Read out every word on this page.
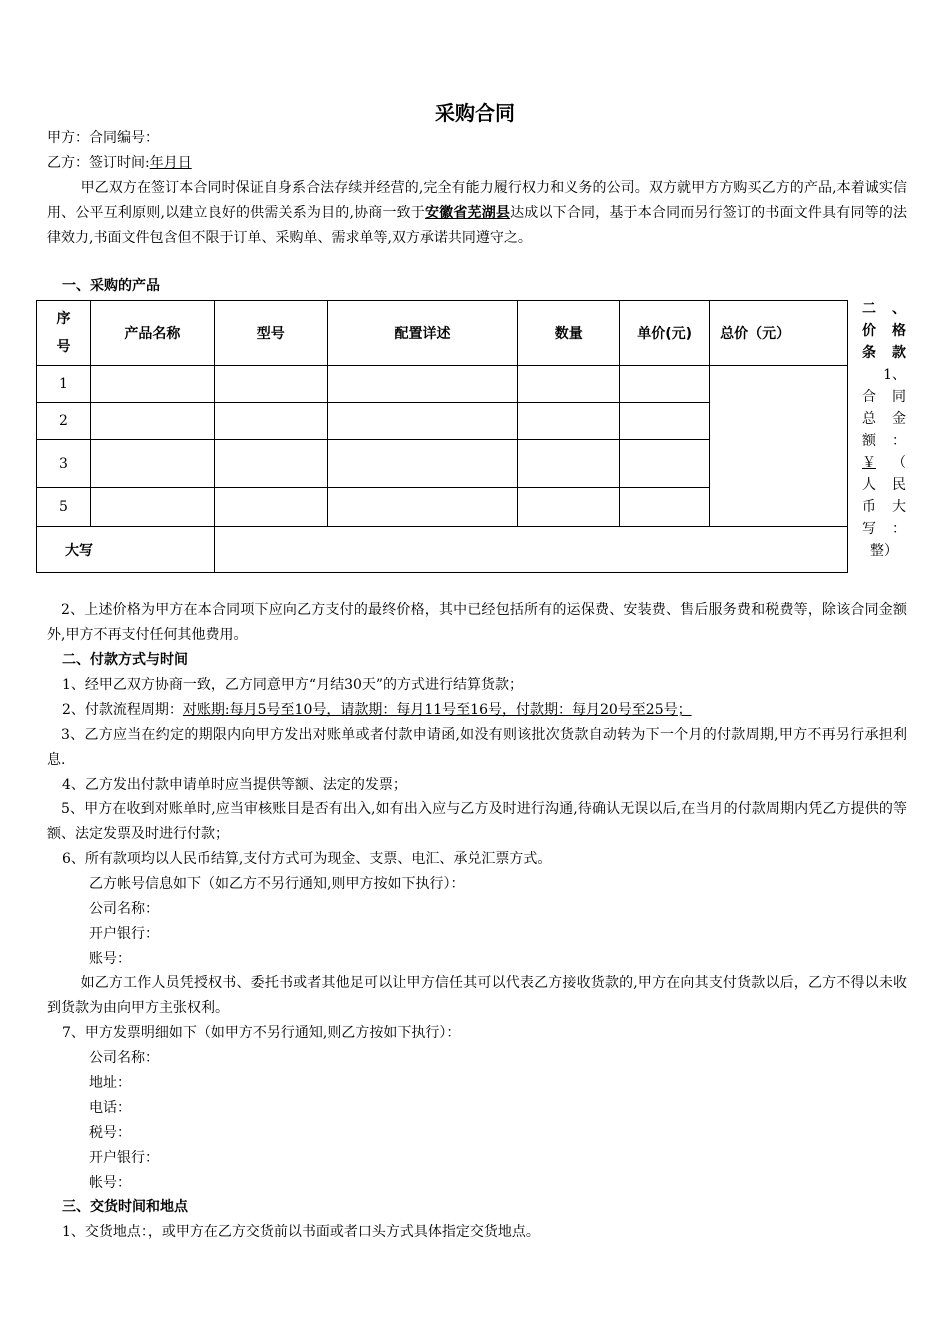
采购合同
甲方：合同编号：
乙方：签订时间:年月日
甲乙双方在签订本合同时保证自身系合法存续并经营的,完全有能力履行权力和义务的公司。双方就甲方方购买乙方的产品,本着诚实信用、公平互利原则,以建立良好的供需关系为目的,协商一致于安徽省芜湖县达成以下合同，基于本合同而另行签订的书面文件具有同等的法律效力,书面文件包含但不限于订单、采购单、需求单等,双方承诺共同遵守之。
一、采购的产品
序号	产品名称	型号	配置详述	数量	单价(元)	总价（元）
1						
2						
3						
5						
大写						
二 、
价 格
条 款
1、
合 同
总 金
额 ：
￥ （
人 民
币 大
写 ：
整）
2、上述价格为甲方在本合同项下应向乙方支付的最终价格，其中已经包括所有的运保费、安装费、售后服务费和税费等，除该合同金额外,甲方不再支付任何其他费用。
二、付款方式与时间
1、经甲乙双方协商一致，乙方同意甲方“月结30天”的方式进行结算货款；
2、付款流程周期：对账期:每月5号至10号，请款期：每月11号至16号，付款期：每月20号至25号；
3、乙方应当在约定的期限内向甲方发出对账单或者付款申请函,如没有则该批次货款自动转为下一个月的付款周期,甲方不再另行承担利息.
4、乙方发出付款申请单时应当提供等额、法定的发票；
5、甲方在收到对账单时,应当审核账目是否有出入,如有出入应与乙方及时进行沟通,待确认无误以后,在当月的付款周期内凭乙方提供的等额、法定发票及时进行付款；
6、所有款项均以人民币结算,支付方式可为现金、支票、电汇、承兑汇票方式。
乙方帐号信息如下（如乙方不另行通知,则甲方按如下执行）：
公司名称：
开户银行：
账号：
如乙方工作人员凭授权书、委托书或者其他足可以让甲方信任其可以代表乙方接收货款的,甲方在向其支付货款以后，乙方不得以未收到货款为由向甲方主张权利。
7、甲方发票明细如下（如甲方不另行通知,则乙方按如下执行）：
公司名称：
地址：
电话：
税号：
开户银行：
帐号：
三、交货时间和地点
1、交货地点：，或甲方在乙方交货前以书面或者口头方式具体指定交货地点。
